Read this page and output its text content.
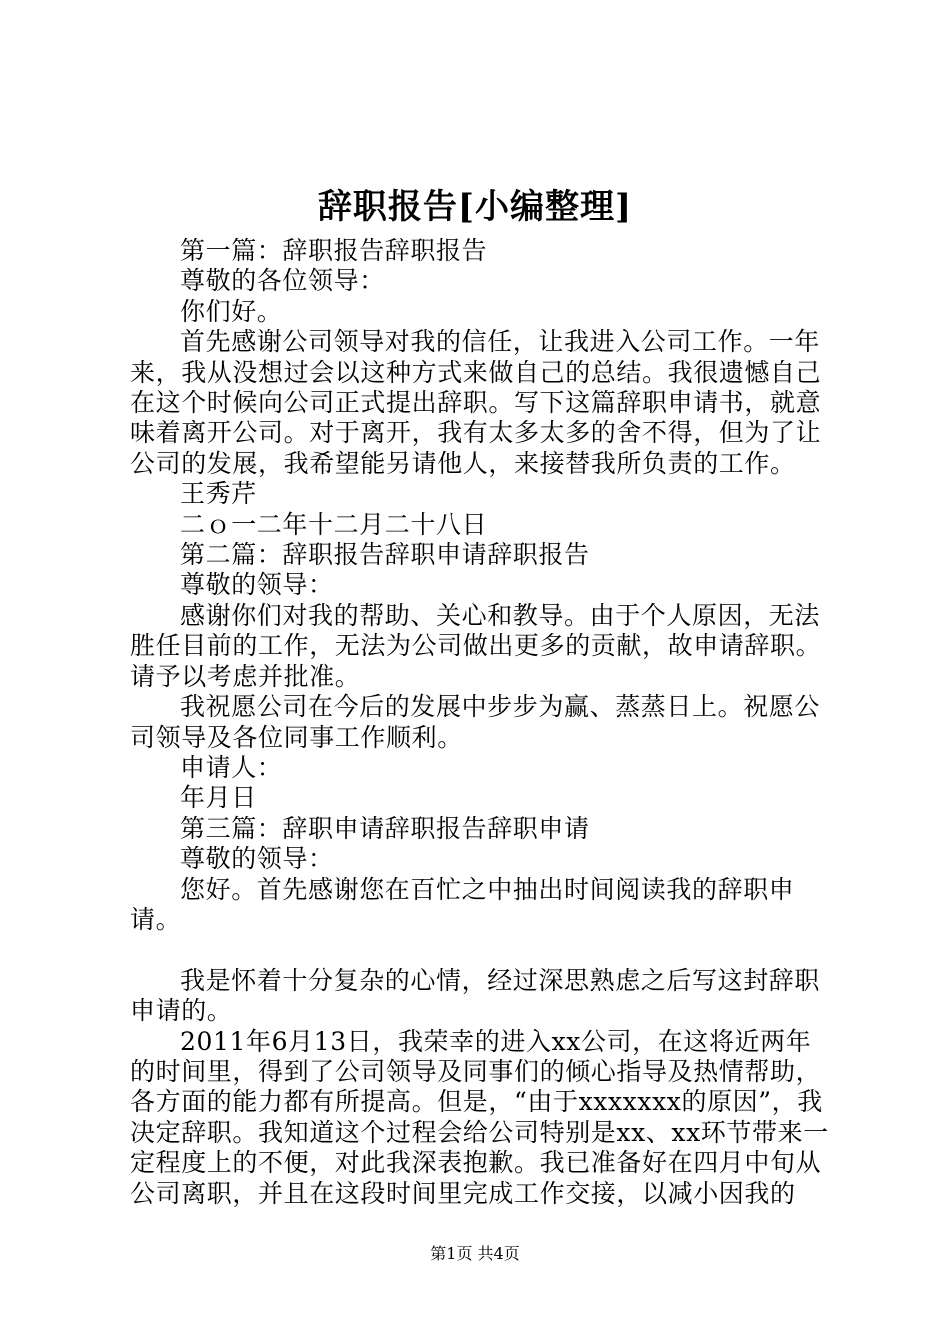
辞职报告[小编整理]

第一篇：辞职报告辞职报告

尊敬的各位领导：

你们好。

首先感谢公司领导对我的信任，让我进入公司工作。一年来，我从没想过会以这种方式来做自己的总结。我很遗憾自己在这个时候向公司正式提出辞职。写下这篇辞职申请书，就意味着离开公司。对于离开，我有太多太多的舍不得，但为了让公司的发展，我希望能另请他人，来接替我所负责的工作。

王秀芹

二ｏ一二年十二月二十八日

第二篇：辞职报告辞职申请辞职报告

尊敬的领导：

感谢你们对我的帮助、关心和教导。由于个人原因，无法胜任目前的工作，无法为公司做出更多的贡献，故申请辞职。请予以考虑并批准。

我祝愿公司在今后的发展中步步为赢、蒸蒸日上。祝愿公司领导及各位同事工作顺利。

申请人：

年月日

第三篇：辞职申请辞职报告辞职申请

尊敬的领导：

您好。首先感谢您在百忙之中抽出时间阅读我的辞职申请。

我是怀着十分复杂的心情，经过深思熟虑之后写这封辞职申请的。

2011年6月13日，我荣幸的进入xx公司，在这将近两年的时间里，得到了公司领导及同事们的倾心指导及热情帮助，各方面的能力都有所提高。但是，“由于xxxxxxx的原因”，我决定辞职。我知道这个过程会给公司特别是xx、xx环节带来一定程度上的不便，对此我深表抱歉。我已准备好在四月中旬从公司离职，并且在这段时间里完成工作交接，以减小因我的

第1页 共4页
